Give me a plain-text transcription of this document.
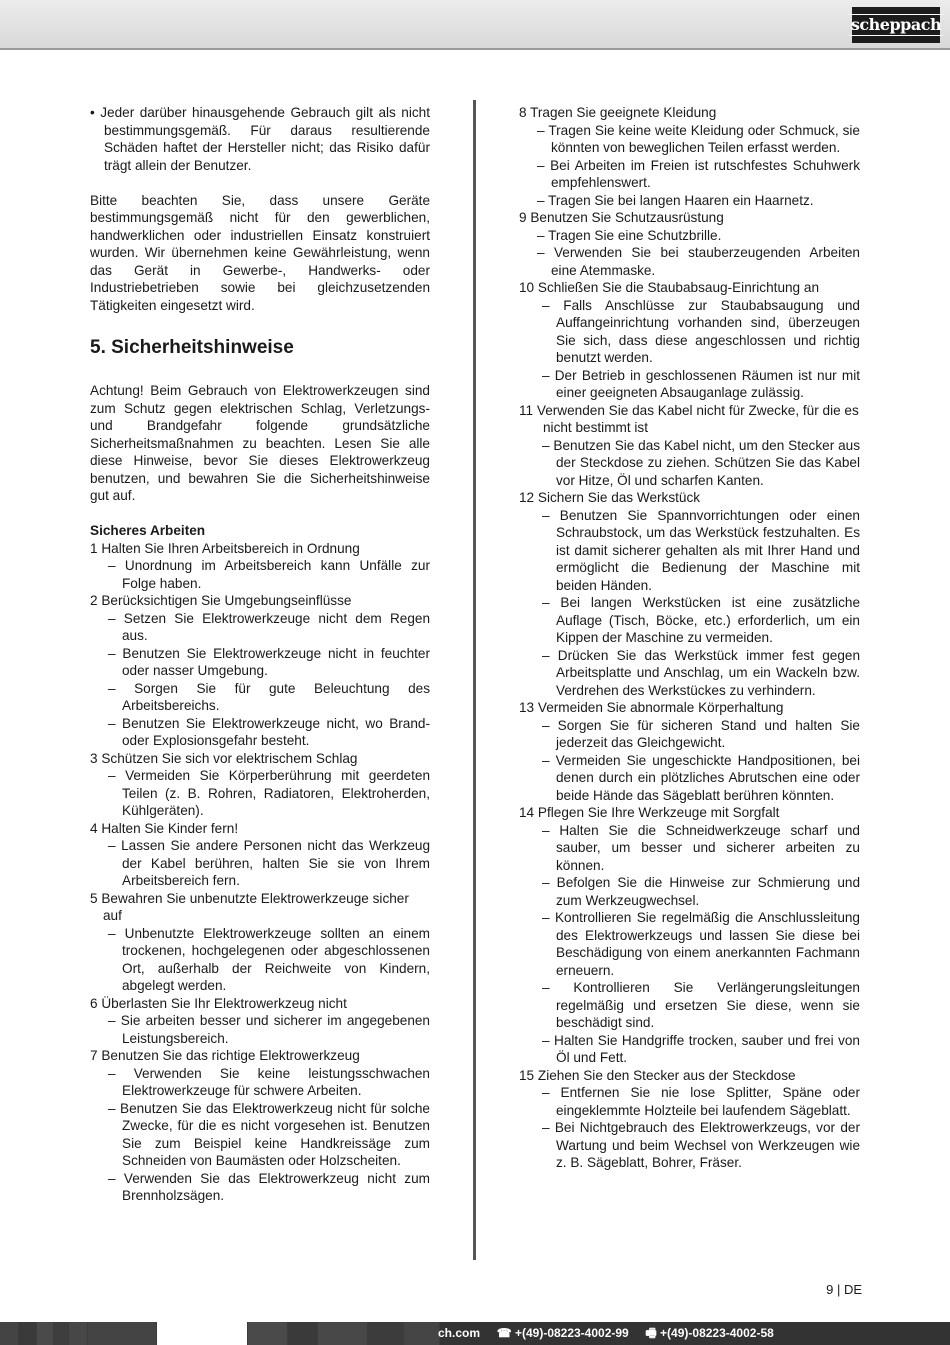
scheppach
• Jeder darüber hinausgehende Gebrauch gilt als nicht bestimmungsgemäß. Für daraus resultierende Schäden haftet der Hersteller nicht; das Risiko dafür trägt allein der Benutzer.
Bitte beachten Sie, dass unsere Geräte bestimmungsgemäß nicht für den gewerblichen, handwerklichen oder industriellen Einsatz konstruiert wurden. Wir übernehmen keine Gewährleistung, wenn das Gerät in Gewerbe-, Handwerks- oder Industriebetrieben sowie bei gleichzusetzenden Tätigkeiten eingesetzt wird.
5. Sicherheitshinweise
Achtung! Beim Gebrauch von Elektrowerkzeugen sind zum Schutz gegen elektrischen Schlag, Verletzungs- und Brandgefahr folgende grundsätzliche Sicherheitsmaßnahmen zu beachten. Lesen Sie alle diese Hinweise, bevor Sie dieses Elektrowerkzeug benutzen, und bewahren Sie die Sicherheitshinweise gut auf.
Sicheres Arbeiten
1 Halten Sie Ihren Arbeitsbereich in Ordnung
– Unordnung im Arbeitsbereich kann Unfälle zur Folge haben.
2 Berücksichtigen Sie Umgebungseinflüsse
– Setzen Sie Elektrowerkzeuge nicht dem Regen aus.
– Benutzen Sie Elektrowerkzeuge nicht in feuchter oder nasser Umgebung.
– Sorgen Sie für gute Beleuchtung des Arbeitsbereichs.
– Benutzen Sie Elektrowerkzeuge nicht, wo Brand- oder Explosionsgefahr besteht.
3 Schützen Sie sich vor elektrischem Schlag
– Vermeiden Sie Körperberührung mit geerdeten Teilen (z. B. Rohren, Radiatoren, Elektroherden, Kühlgeräten).
4 Halten Sie Kinder fern!
– Lassen Sie andere Personen nicht das Werkzeug der Kabel berühren, halten Sie sie von Ihrem Arbeitsbereich fern.
5 Bewahren Sie unbenutzte Elektrowerkzeuge sicher auf
– Unbenutzte Elektrowerkzeuge sollten an einem trockenen, hochgelegenen oder abgeschlossenen Ort, außerhalb der Reichweite von Kindern, abgelegt werden.
6 Überlasten Sie Ihr Elektrowerkzeug nicht
– Sie arbeiten besser und sicherer im angegebenen Leistungsbereich.
7 Benutzen Sie das richtige Elektrowerkzeug
– Verwenden Sie keine leistungsschwachen Elektrowerkzeuge für schwere Arbeiten.
– Benutzen Sie das Elektrowerkzeug nicht für solche Zwecke, für die es nicht vorgesehen ist. Benutzen Sie zum Beispiel keine Handkreissäge zum Schneiden von Baumästen oder Holzscheiten.
– Verwenden Sie das Elektrowerkzeug nicht zum Brennholzsägen.
8 Tragen Sie geeignete Kleidung
– Tragen Sie keine weite Kleidung oder Schmuck, sie könnten von beweglichen Teilen erfasst werden.
– Bei Arbeiten im Freien ist rutschfestes Schuhwerk empfehlenswert.
– Tragen Sie bei langen Haaren ein Haarnetz.
9 Benutzen Sie Schutzausrüstung
– Tragen Sie eine Schutzbrille.
– Verwenden Sie bei stauberzeugenden Arbeiten eine Atemmaske.
10 Schließen Sie die Staubabsaug-Einrichtung an
– Falls Anschlüsse zur Staubabsaugung und Auffangeinrichtung vorhanden sind, überzeugen Sie sich, dass diese angeschlossen und richtig benutzt werden.
– Der Betrieb in geschlossenen Räumen ist nur mit einer geeigneten Absauganlage zulässig.
11 Verwenden Sie das Kabel nicht für Zwecke, für die es nicht bestimmt ist
– Benutzen Sie das Kabel nicht, um den Stecker aus der Steckdose zu ziehen. Schützen Sie das Kabel vor Hitze, Öl und scharfen Kanten.
12 Sichern Sie das Werkstück
– Benutzen Sie Spannvorrichtungen oder einen Schraubstock, um das Werkstück festzuhalten. Es ist damit sicherer gehalten als mit Ihrer Hand und ermöglicht die Bedienung der Maschine mit beiden Händen.
– Bei langen Werkstücken ist eine zusätzliche Auflage (Tisch, Böcke, etc.) erforderlich, um ein Kippen der Maschine zu vermeiden.
– Drücken Sie das Werkstück immer fest gegen Arbeitsplatte und Anschlag, um ein Wackeln bzw. Verdrehen des Werkstückes zu verhindern.
13 Vermeiden Sie abnormale Körperhaltung
– Sorgen Sie für sicheren Stand und halten Sie jederzeit das Gleichgewicht.
– Vermeiden Sie ungeschickte Handpositionen, bei denen durch ein plötzliches Abrutschen eine oder beide Hände das Sägeblatt berühren könnten.
14 Pflegen Sie Ihre Werkzeuge mit Sorgfalt
– Halten Sie die Schneidwerkzeuge scharf und sauber, um besser und sicherer arbeiten zu können.
– Befolgen Sie die Hinweise zur Schmierung und zum Werkzeugwechsel.
– Kontrollieren Sie regelmäßig die Anschlussleitung des Elektrowerkzeugs und lassen Sie diese bei Beschädigung von einem anerkannten Fachmann erneuern.
– Kontrollieren Sie Verlängerungsleitungen regelmäßig und ersetzen Sie diese, wenn sie beschädigt sind.
– Halten Sie Handgriffe trocken, sauber und frei von Öl und Fett.
15 Ziehen Sie den Stecker aus der Steckdose
– Entfernen Sie nie lose Splitter, Späne oder eingeklemmte Holzteile bei laufendem Sägeblatt.
– Bei Nichtgebrauch des Elektrowerkzeugs, vor der Wartung und beim Wechsel von Werkzeugen wie z. B. Sägeblatt, Bohrer, Fräser.
9 | DE
ch.com ☎ +(49)-08223-4002-99 🖷 +(49)-08223-4002-58
